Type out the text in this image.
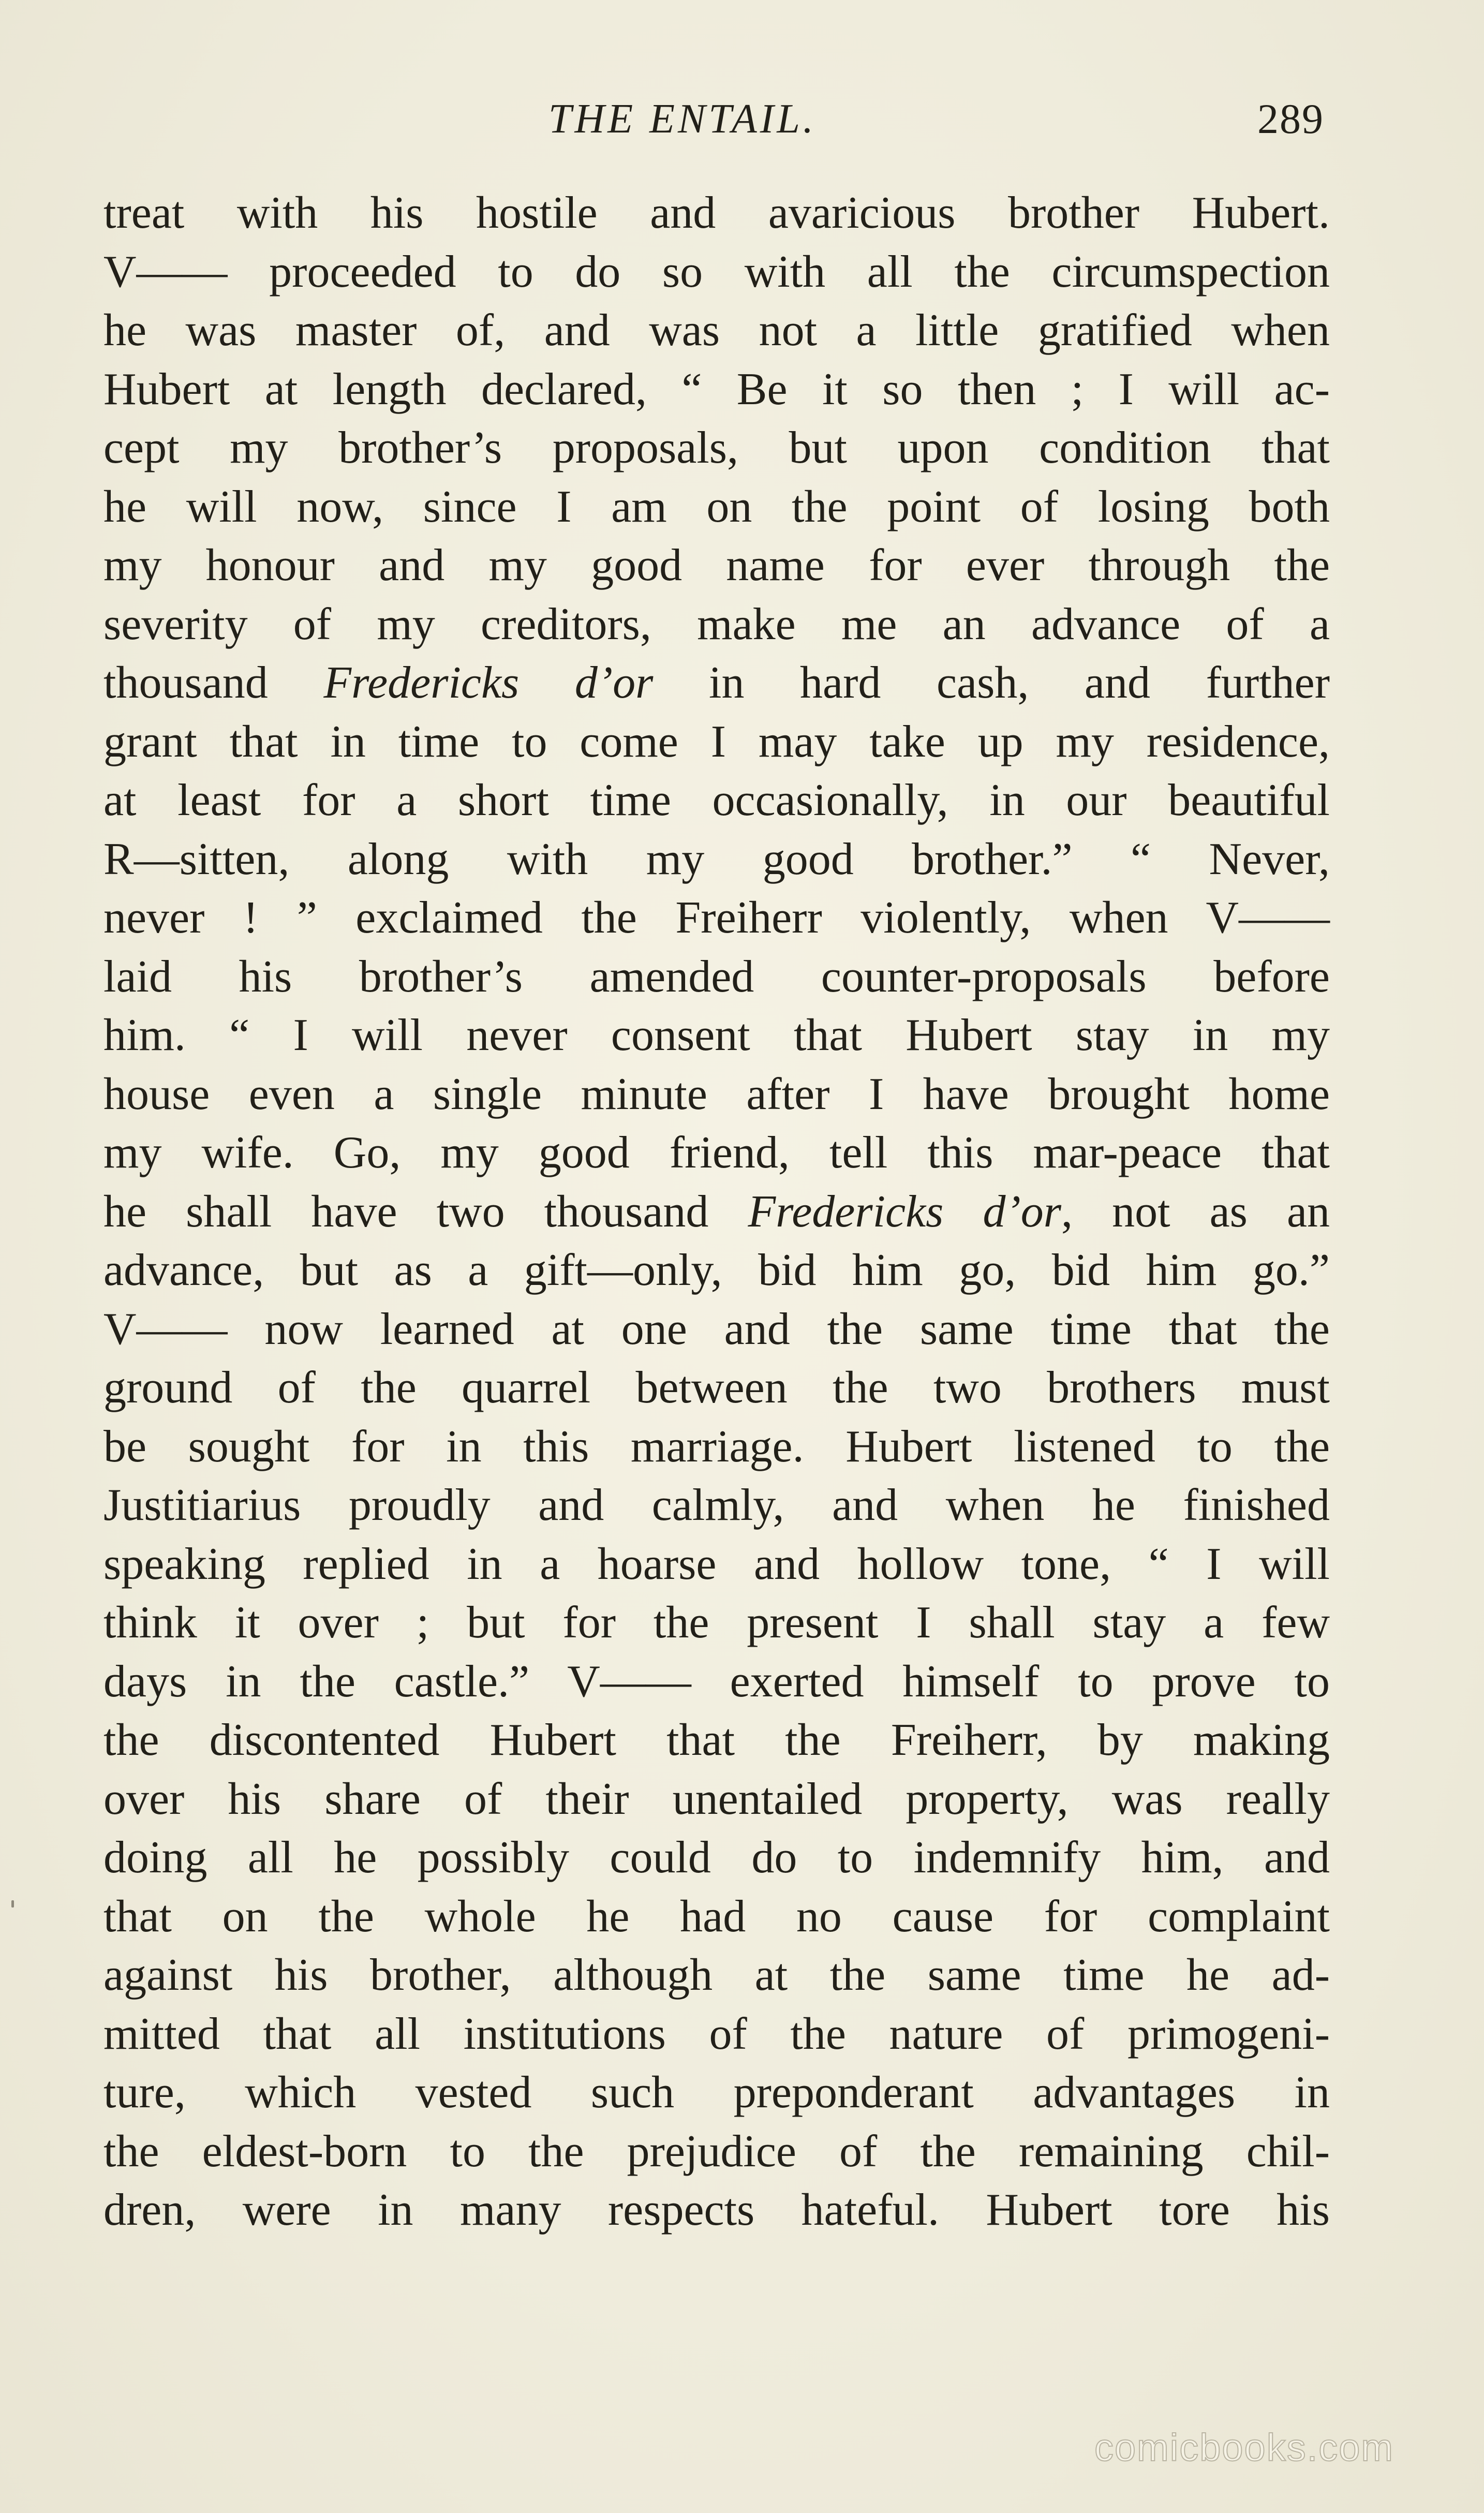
THE ENTAIL.	289
treat with his hostile and avaricious brother Hubert.
V—— proceeded to do so with all the circumspection
he was master of, and was not a little gratified when
Hubert at length declared, “ Be it so then ; I will ac-
cept my brother’s proposals, but upon condition that
he will now, since I am on the point of losing both
my honour and my good name for ever through the
severity of my creditors, make me an advance of a
thousand Fredericks d’or in hard cash, and further
grant that in time to come I may take up my residence,
at least for a short time occasionally, in our beautiful
R—sitten, along with my good brother.” “ Never,
never ! ” exclaimed the Freiherr violently, when V——
laid his brother’s amended counter-proposals before
him. “ I will never consent that Hubert stay in my
house even a single minute after I have brought home
my wife. Go, my good friend, tell this mar-peace that
he shall have two thousand Fredericks d’or, not as an
advance, but as a gift—only, bid him go, bid him go.”
V—— now learned at one and the same time that the
ground of the quarrel between the two brothers must
be sought for in this marriage. Hubert listened to the
Justitiarius proudly and calmly, and when he finished
speaking replied in a hoarse and hollow tone, “ I will
think it over ; but for the present I shall stay a few
days in the castle.” V—— exerted himself to prove to
the discontented Hubert that the Freiherr, by making
over his share of their unentailed property, was really
doing all he possibly could do to indemnify him, and
that on the whole he had no cause for complaint
against his brother, although at the same time he ad-
mitted that all institutions of the nature of primogeni-
ture, which vested such preponderant advantages in
the eldest-born to the prejudice of the remaining chil-
dren, were in many respects hateful. Hubert tore his
comicbooks.com
